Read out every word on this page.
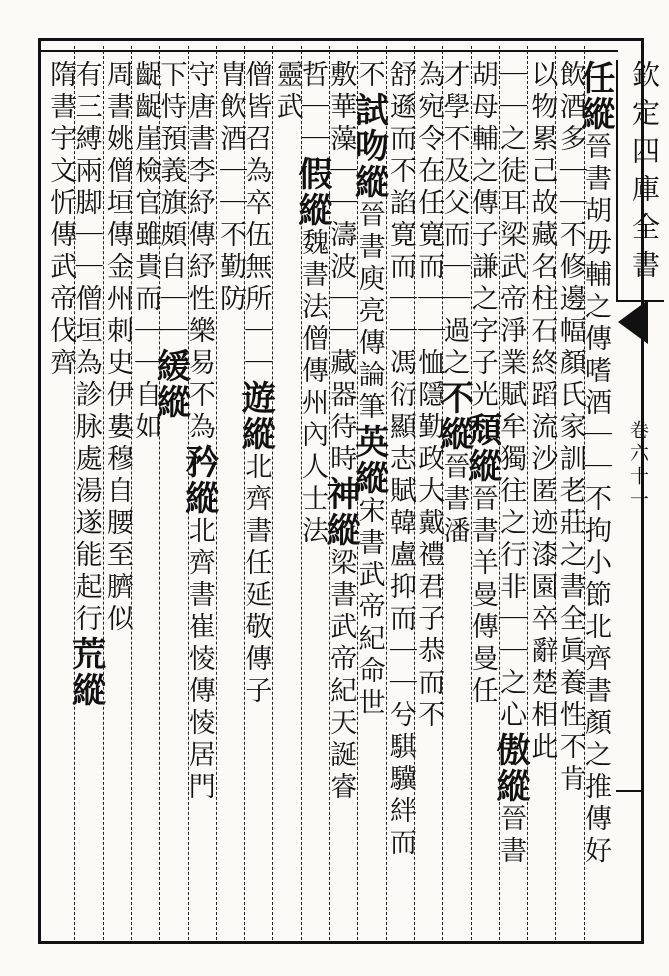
欽定四庫全書
卷六十一
任縱晉書胡毋輔之傳嗜酒｜｜不拘小節北齊書顏之推傳好
飲酒多｜｜不修邊幅顏氏家訓老莊之書全眞養性不肯
以物累己故藏名柱石終蹈流沙匿迹漆園卒辭楚相此
｜｜之徒耳梁武帝淨業賦牟獨往之行非｜｜之心傲縱晉書
胡母輔之傳子謙之字子光頹縱晉書羊曼傳曼任
才學不及父而｜｜過之不縱晉書潘
為宛令在任寛而｜｜恤隱勤政大戴禮君子恭而不
舒遜而不諂寛而｜｜馮衍顯志賦韓盧抑而｜｜兮騏驥絆而
不試吻縱晉書庾亮傳論筆英縱宋書武帝紀命世
敷華藻｜｜濤波｜｜藏器待時神縱梁書武帝紀天誕睿
哲｜｜假縱魏書法僧傳州內人士法
靈武
僧皆召為卒伍無所｜｜遊縱北齊書任延敬傳子
胄飲酒｜｜不勤防
守唐書李紓傳紓性樂易不為矜縱北齊書崔㥄傳㥄居門
下恃預義旗頗自｜｜緩縱
齪齪崖檢官雖貴而｜｜自如
周書姚僧垣傳金州刺史伊婁穆自腰至臍似
有三縛兩脚｜｜僧垣為診脉處湯遂能起行荒縱
隋書宇文忻傳武帝伐齊
